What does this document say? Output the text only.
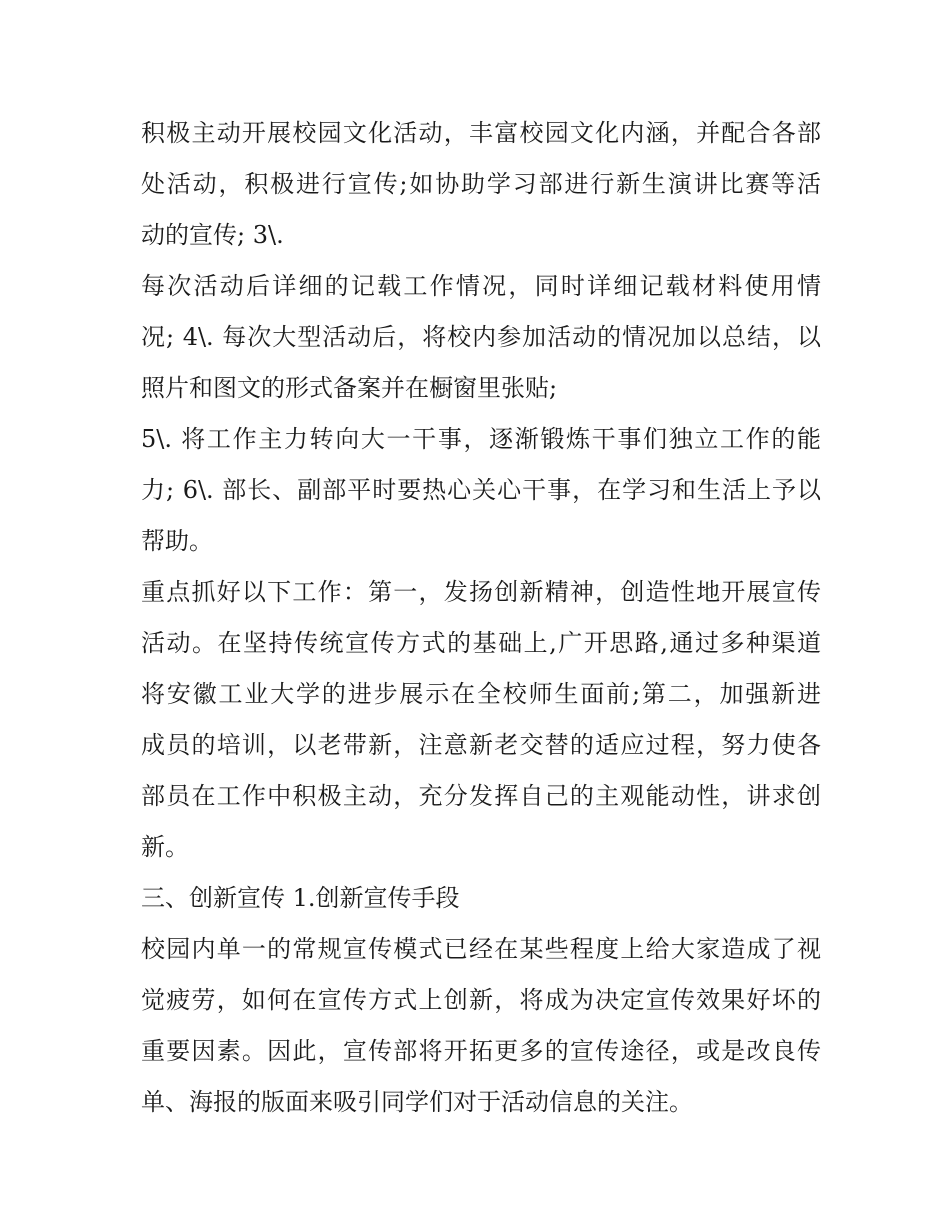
积极主动开展校园文化活动，丰富校园文化内涵，并配合各部
处活动，积极进行宣传;如协助学习部进行新生演讲比赛等活
动的宣传; 3\.
每次活动后详细的记载工作情况，同时详细记载材料使用情
况; 4\. 每次大型活动后，将校内参加活动的情况加以总结，以
照片和图文的形式备案并在橱窗里张贴;
5\. 将工作主力转向大一干事，逐渐锻炼干事们独立工作的能
力; 6\. 部长、副部平时要热心关心干事，在学习和生活上予以
帮助。
重点抓好以下工作：第一，发扬创新精神，创造性地开展宣传
活动。在坚持传统宣传方式的基础上,广开思路,通过多种渠道
将安徽工业大学的进步展示在全校师生面前;第二，加强新进
成员的培训，以老带新，注意新老交替的适应过程，努力使各
部员在工作中积极主动，充分发挥自己的主观能动性，讲求创
新。
三、创新宣传 1.创新宣传手段
校园内单一的常规宣传模式已经在某些程度上给大家造成了视
觉疲劳，如何在宣传方式上创新，将成为决定宣传效果好坏的
重要因素。因此，宣传部将开拓更多的宣传途径，或是改良传
单、海报的版面来吸引同学们对于活动信息的关注。
